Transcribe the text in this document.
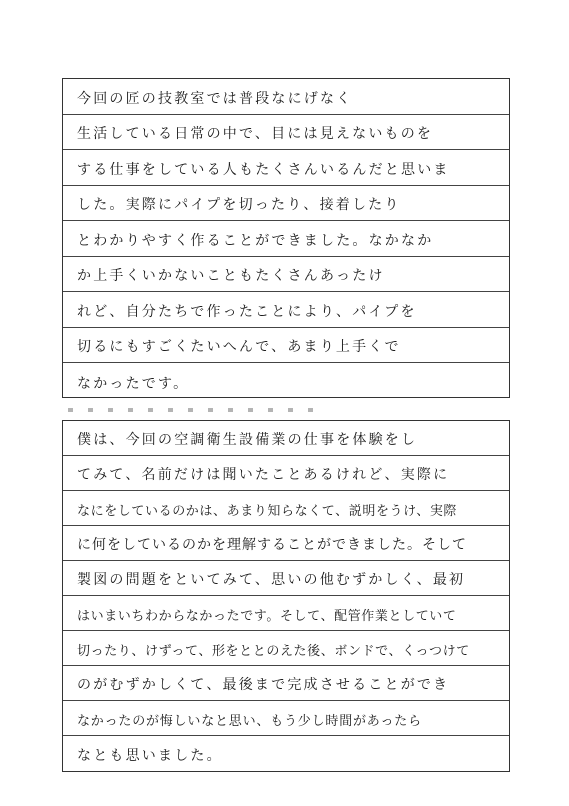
今回の匠の技教室では普段なにげなく
生活している日常の中で、目には見えないものを
する仕事をしている人もたくさんいるんだと思いま
した。実際にパイプを切ったり、接着したり
とわかりやすく作ることができました。なかなか
か上手くいかないこともたくさんあったけ
れど、自分たちで作ったことにより、パイプを
切るにもすごくたいへんで、あまり上手くで
なかったです。
僕は、今回の空調衛生設備業の仕事を体験をし
てみて、名前だけは聞いたことあるけれど、実際に
なにをしているのかは、あまり知らなくて、説明をうけ、実際
に何をしているのかを理解することができました。そして
製図の問題をといてみて、思いの他むずかしく、最初
はいまいちわからなかったです。そして、配管作業としていて
切ったり、けずって、形をととのえた後、ボンドで、くっつけて
のがむずかしくて、最後まで完成させることができ
なかったのが悔しいなと思い、もう少し時間があったら
なとも思いました。
